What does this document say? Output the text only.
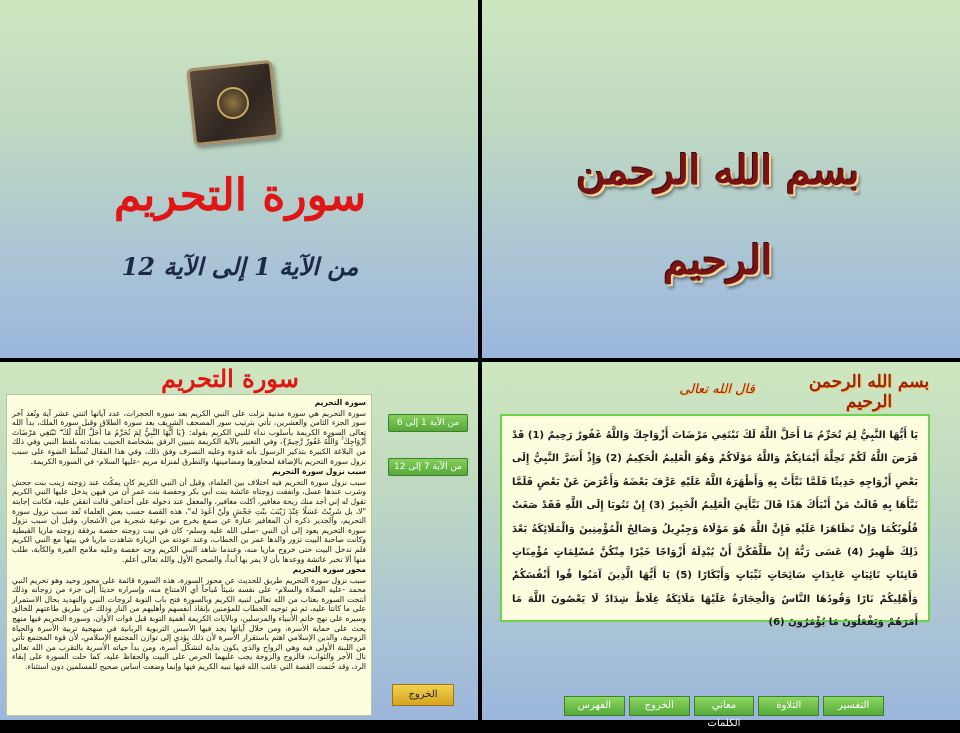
سورة التحريم
من الآية 1 إلى الآية 12
بسم الله الرحمن الرحيم
سورة التحريم

سورة التحريم

سورة التحريم هي سورة مدنية نزلت على النبي الكريم بعد سورة الحجرات، عدد آياتها اثنتي عشر آية وتُعد آخر سور الجزء الثامن والعشرين، تأتي بترتيب سور المصحف الشريف بعد سورة الطلاق وقبل سورة الملك، بدأ الله تعالى السورة الكريمة بأسلوب نداء للنبي الكريم بقوله: {يَا أَيُّهَا النَّبِيُّ لِمَ تُحَرِّمُ مَا أَحَلَّ اللَّهُ لَكَ ۖ تَبْتَغِي مَرْضَاتَ أَزْوَاجِكَ ۚ وَاللَّهُ غَفُورٌ رَّحِيمٌ}، وفي التعبير بالآية الكريمة بتبيين الرفق بشخاصة الحبيب بمنادته بلفظ النبي وفي ذلك من البلاغة الكبيرة بتذكير الرسول بأنه قدوة وعليه التصرف وفق ذلك، وفي هذا المقال تُسلّط الضوء على سبب نزول سورة التحريم بالإضافة لمحاورها ومضامينها، والتطرق لمنزلة مريم -عليها السلام- في السورة الكريمة.

سبب نزول سورة التحريم

سبب نزول سورة التحريم فيه اختلاف بين العلماء، وقيل أن النبي الكريم كان يمكُث عند زوجته زينب بنت جحش وشرب عندها عسل، واتفقت زوجتاه عائشة بنت أبي بكر وحفصة بنت عمر أن من فيهن يدخل عليها النبي الكريم تقول له إني أجد منك ريحة مغافير، أكلت مغافير، والمغفل عند دخوله على أحداهن قالت اتفقن عليه، فكانت إجابته "لا، بل شَرِبْتُ عَسَلًا عِنْدَ زَيْنَبَ بنْتِ جَحْشٍ ولَنْ أعُودَ له"، هذه القصة حسب بعض العلماء تُعد سبب نزول سورة التحريم، والجدير ذكره أن المغافير عبارة عن صمغ يخرج من نوعية شجرية من الأشجار، وقيل أن سبب نزول سورة التحريم يعود إلى أن النبي -صلى الله عليه وسلم- كان في بيت زوجته حفصة برفقة زوجته ماريا القبطية وكانت صاحبة البيت تزور والدها عمر بن الخطاب، وعند عودته من الزيارة شاهدت ماريا في بيتها مع النبي الكريم فلم تدخل البيت حتى خروج ماريا منه، وعندما شاهد النبي الكريم وجه حفصة وعليه ملامح الغيرة والكآبة، طلب منها ألا تخبر عائشة ووعدها بأن لا يمر بها أبداً، والصحيح الأول والله تعالى أعلم.

محور سورة التحريم

سبب نزول سورة التحريم طريق للحديث عن محور السورة، هذه السورة قائمة على محور وحيد وهو تحريم النبي محمد -عليه الصلاة والسلام- على نفسه شيئاً مُباحاً أي الامتناع منه، وإسراره حديثاً إلى جزء من زوجاته وذلك أنتجت السورة بعتاب من الله تعالى لنبيه الكريم وبالسورة فتح باب التوبة لزوجات النبي والتهديد بحال الاستمرار على ما كانتا عليه، ثم تم توجيه الخطاب للمؤمنين بإنقاذ أنفسهم وأهليهم من النار وذلك عن طريق طاعتهم للخالق وسيره على نهج خاتم الأنبياء والمرسلين، وبالآيات الكريمة أهمية التوبة قبل فوات الأوان، وسورة التحريم فيها منهج يحث على حماية الأسرة، ومن خلال آياتها يجد فيها الأسس التربوية الربانية في منهجية تربية الأسرة والحياة الزوجية، والدين الإسلامي اهتم باستقرار الأسرة لأن ذلك يؤدي إلى توازن المجتمع الإسلامي، لأن قوة المجتمع تأتي من اللبنة الأولى فيه وهي الزواج والذي يكون بداية لتشكّل أسرة، ومن بدأ حياته الأسرية بالتقرب من الله تعالى نال الأجر والثواب، فالزوج والزوجة يجب عليهما الحرص على البيت والحفاظ عليه، كما حلت السورة على إبقاء الرد، وقد خُتمت القصة التي عاتب الله فيها نبيه الكريم فيها وإنما وضعت أساس صحيح للمسلمين دون استثناء.

من الآية 1 إلى 6
من الآية 7 إلى 12
الخروج
بسم الله الرحمن الرحيم
قال الله تعالى
يَا أَيُّهَا النَّبِيُّ لِمَ تُحَرِّمُ مَا أَحَلَّ اللَّهُ لَكَ تَبْتَغِي مَرْضَاتَ أَزْوَاجِكَ وَاللَّهُ غَفُورٌ رَحِيمٌ (1) قَدْ فَرَضَ اللَّهُ لَكُمْ تَحِلَّةَ أَيْمَانِكُمْ وَاللَّهُ مَوْلَاكُمْ وَهُوَ الْعَلِيمُ الْحَكِيمُ (2) وَإِذْ أَسَرَّ النَّبِيُّ إِلَى بَعْضِ أَزْوَاجِهِ حَدِيثًا فَلَمَّا نَبَّأَتْ بِهِ وَأَظْهَرَهُ اللَّهُ عَلَيْهِ عَرَّفَ بَعْضَهُ وَأَعْرَضَ عَنْ بَعْضٍ فَلَمَّا نَبَّأَهَا بِهِ قَالَتْ مَنْ أَنْبَأَكَ هَذَا قَالَ نَبَّأَنِيَ الْعَلِيمُ الْخَبِيرُ (3) إِنْ تَتُوبَا إِلَى اللَّهِ فَقَدْ صَغَتْ قُلُوبُكُمَا وَإِنْ تَظَاهَرَا عَلَيْهِ فَإِنَّ اللَّهَ هُوَ مَوْلَاهُ وَجِبْرِيلُ وَصَالِحُ الْمُؤْمِنِينَ وَالْمَلَائِكَةُ بَعْدَ ذَلِكَ ظَهِيرٌ (4) عَسَى رَبُّهُ إِنْ طَلَّقَكُنَّ أَنْ يُبْدِلَهُ أَزْوَاجًا خَيْرًا مِنْكُنَّ مُسْلِمَاتٍ مُؤْمِنَاتٍ قَانِتَاتٍ تَائِبَاتٍ عَابِدَاتٍ سَائِحَاتٍ ثَيِّبَاتٍ وَأَبْكَارًا (5) يَا أَيُّهَا الَّذِينَ آمَنُوا قُوا أَنْفُسَكُمْ وَأَهْلِيكُمْ نَارًا وَقُودُهَا النَّاسُ وَالْحِجَارَةُ عَلَيْهَا مَلَائِكَةٌ غِلَاظٌ شِدَادٌ لَا يَعْصُونَ اللَّهَ مَا أَمَرَهُمْ وَيَفْعَلُونَ مَا يُؤْمَرُونَ (6)
التفسير
التلاوة
معاني الكلمات
الخروج
الفهرس
